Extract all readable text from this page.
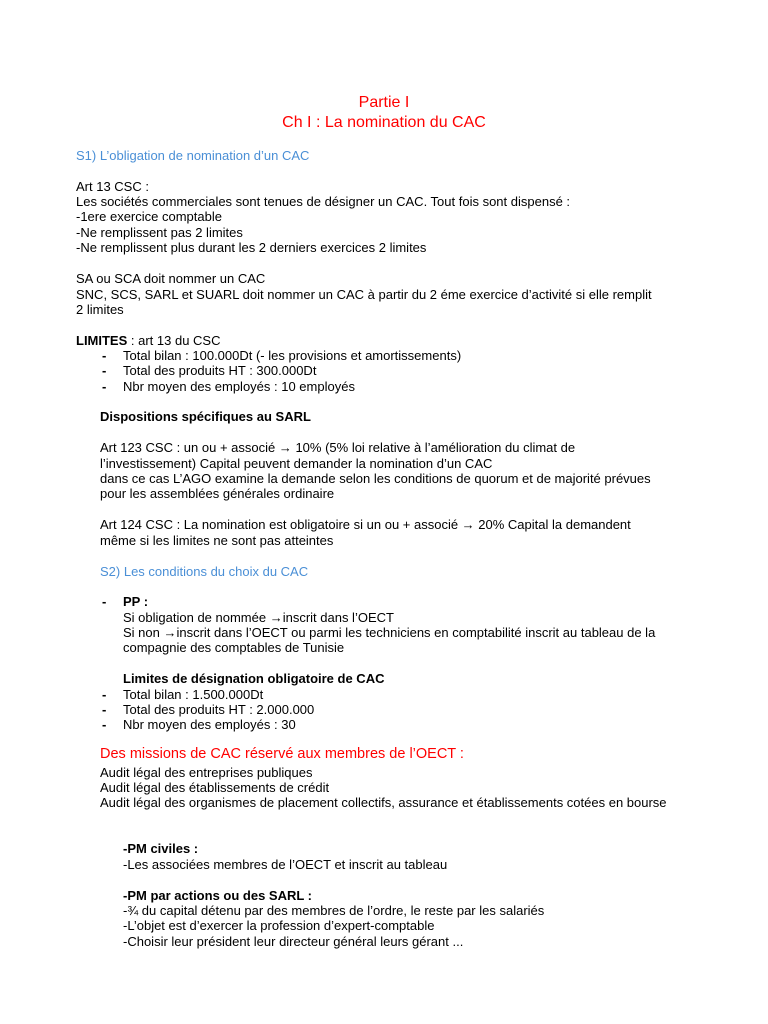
Partie I
Ch I : La nomination du CAC
S1) L’obligation de nomination d’un CAC
Art 13 CSC :
Les sociétés commerciales sont tenues de désigner un CAC. Tout fois sont dispensé :
-1ere exercice comptable
-Ne remplissent pas 2 limites
-Ne remplissent plus durant les 2 derniers exercices 2 limites
SA ou SCA doit nommer un CAC
SNC, SCS, SARL et SUARL doit nommer un CAC à partir du 2 éme exercice d’activité si elle remplit
2 limites
LIMITES : art 13 du CSC
- Total bilan : 100.000Dt (- les provisions et amortissements)
- Total des produits HT : 300.000Dt
- Nbr moyen des employés : 10 employés
Dispositions spécifiques au SARL
Art 123 CSC : un ou + associé → 10% (5% loi relative à l’amélioration du climat de
l’investissement) Capital peuvent demander la nomination d’un CAC
dans ce cas L’AGO examine la demande selon les conditions de quorum et de majorité prévues
pour les assemblées générales ordinaire
Art 124 CSC : La nomination est obligatoire si un ou + associé → 20% Capital la demandent
même si les limites ne sont pas atteintes
S2) Les conditions du choix du CAC
- PP :
Si obligation de nommée →inscrit dans l’OECT
Si non →inscrit dans l’OECT ou parmi les techniciens en comptabilité inscrit au tableau de la
compagnie des comptables de Tunisie
Limites de désignation obligatoire de CAC
- Total bilan : 1.500.000Dt
- Total des produits HT : 2.000.000
- Nbr moyen des employés : 30
Des missions de CAC réservé aux membres de l’OECT :
Audit légal des entreprises publiques
Audit légal des établissements de crédit
Audit légal des organismes de placement collectifs, assurance et établissements cotées en bourse
-PM civiles :
-Les associées membres de l’OECT et inscrit au tableau
-PM par actions ou des SARL :
-¾ du capital détenu par des membres de l’ordre, le reste par les salariés
-L’objet est d’exercer la profession d’expert-comptable
-Choisir leur président leur directeur général leurs gérant ...
